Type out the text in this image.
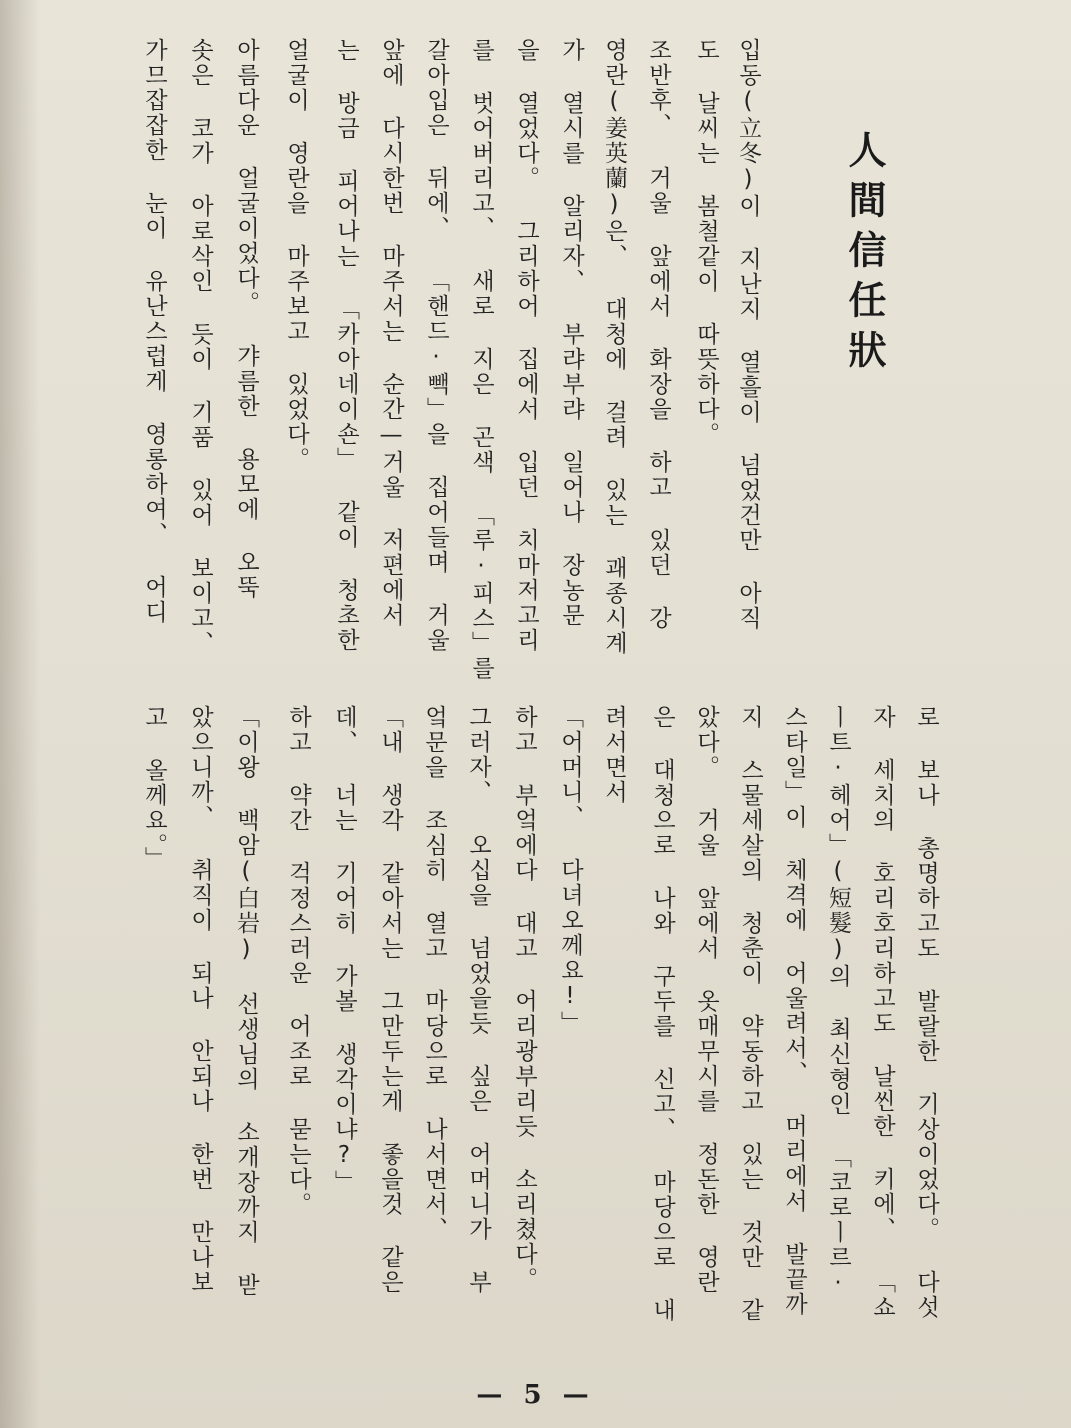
人間信任狀
입동(立冬)이 지난지 열흘이 넘었건만 아직
도 날씨는 봄철같이 따뜻하다。
조반후、 거울 앞에서 화장을 하고 있던 강
영란(姜英蘭)은、 대청에 걸려 있는 괘종시계
가 열시를 알리자、 부랴부랴 일어나 장농문
을 열었다。 그리하어 집에서 입던 치마저고리
를 벗어버리고、 새로 지은 곤색 「루·피스」를
갈아입은 뒤에、 「핸드·빽」을 집어들며 거울
앞에 다시한번 마주서는 순간—거울 저편에서
는 방금 피어나는 「카아네이숀」 같이 청초한
얼굴이 영란을 마주보고 있었다。
아름다운 얼굴이었다。 갸름한 용모에 오뚝
솟은 코가 아로삭인 듯이 기품 있어 보이고、
가므잡잡한 눈이 유난스럽게 영롱하여、 어디
로 보나 총명하고도 발랄한 기상이었다。 다섯
자 세치의 호리호리하고도 날씬한 키에、 「쇼
ㅣ트·헤어」(短髮)의 최신형인 「코로ㅣ르·
스타일」이 체격에 어울려서、 머리에서 발끝까
지 스물세살의 청춘이 약동하고 있는 것만 같
았다。 거울 앞에서 옷매무시를 정돈한 영란
은 대청으로 나와 구두를 신고、 마당으로 내
려서면서
「어머니、 다녀오께요!」
하고 부엌에다 대고 어리광부리듯 소리쳤다。
그러자、 오십을 넘었을듯 싶은 어머니가 부
엌문을 조심히 열고 마당으로 나서면서、
「내 생각 같아서는 그만두는게 좋을것 같은
데、 너는 기어히 가볼 생각이냐?」
하고 약간 걱정스러운 어조로 묻는다。
「이왕 백암(白岩) 선생님의 소개장까지 받
았으니까、 취직이 되나 안되나 한번 만나보
고 올께요。」
— 5 —
